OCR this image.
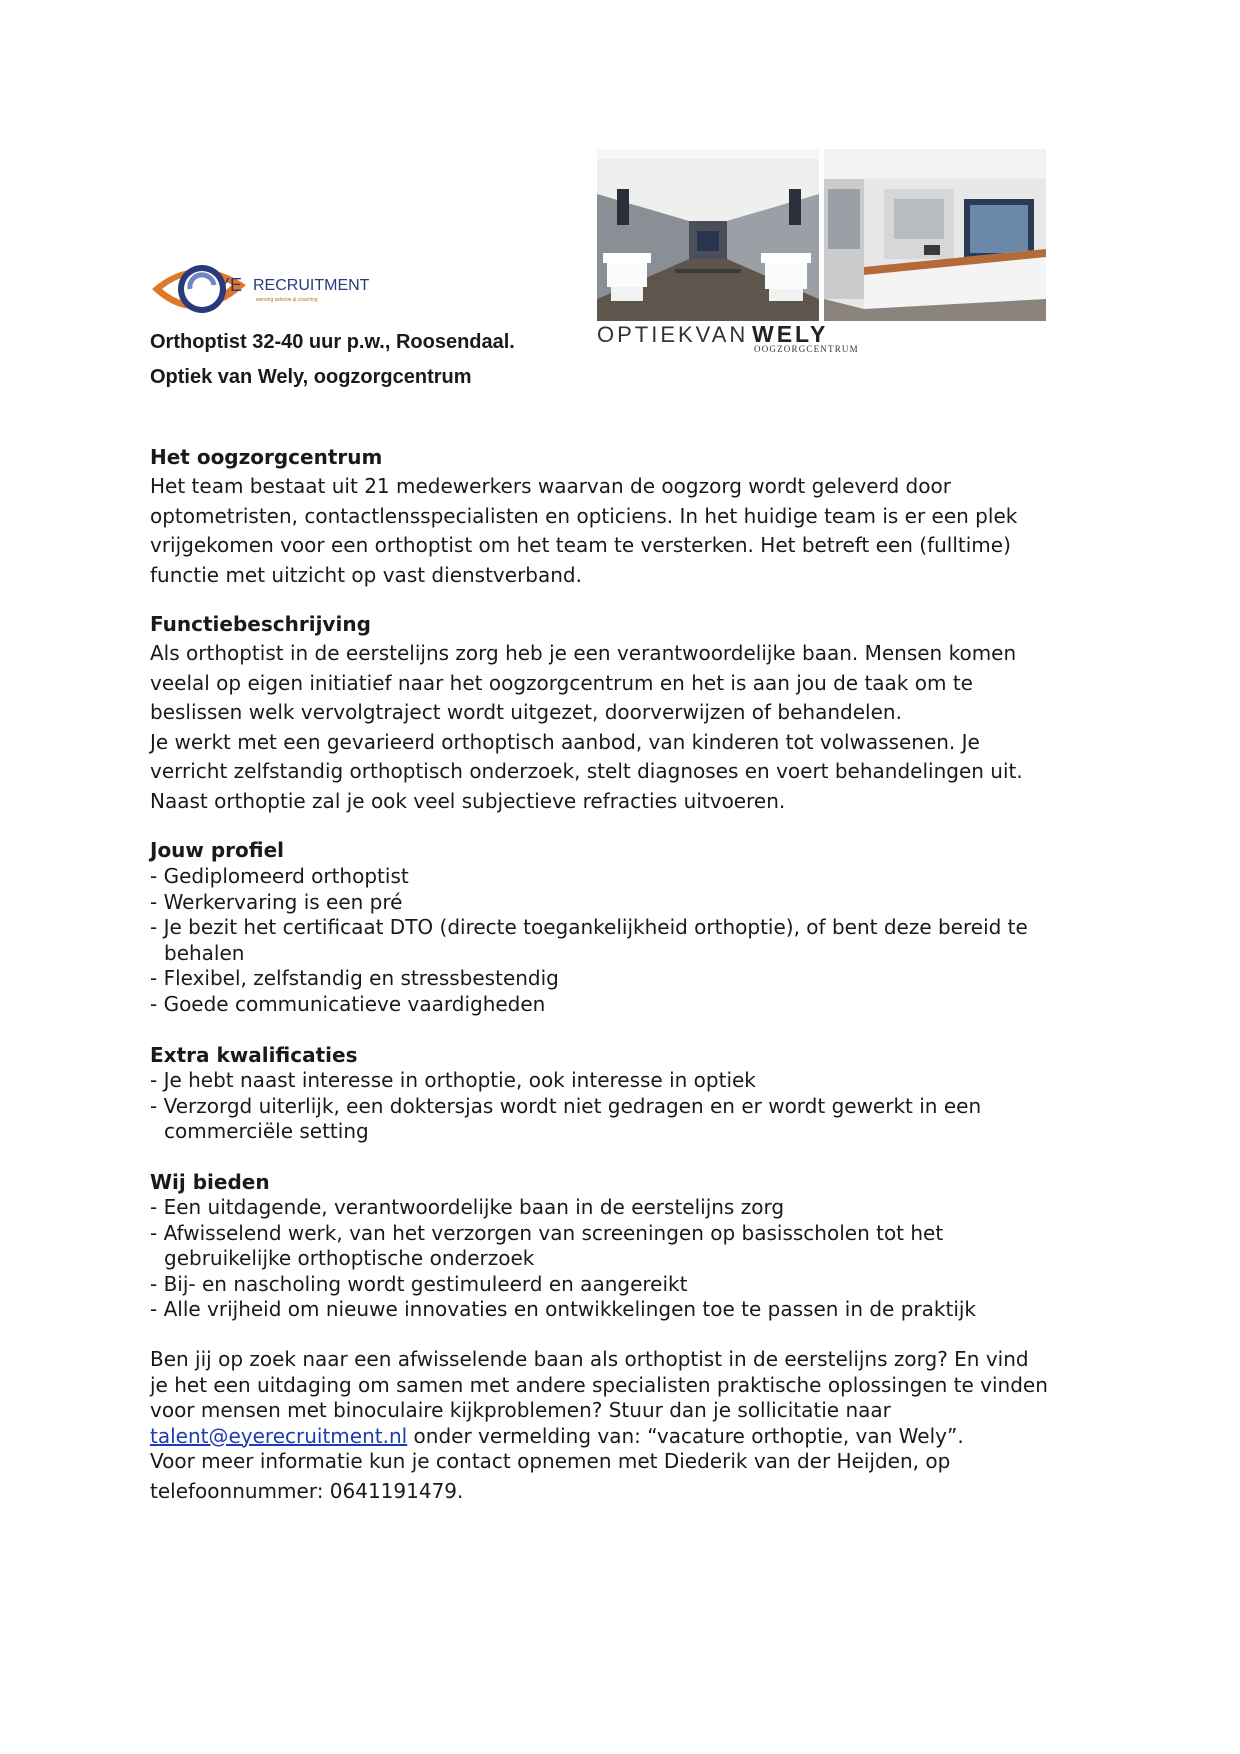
YE RECRUITMENT
werving selectie & coaching
OPTIEKVAN WELY
OOGZORGCENTRUM
Orthoptist 32-40 uur p.w., Roosendaal.
Optiek van Wely, oogzorgcentrum
Het oogzorgcentrum
Het team bestaat uit 21 medewerkers waarvan de oogzorg wordt geleverd door
optometristen, contactlensspecialisten en opticiens. In het huidige team is er een plek
vrijgekomen voor een orthoptist om het team te versterken. Het betreft een (fulltime)
functie met uitzicht op vast dienstverband.
Functiebeschrijving
Als orthoptist in de eerstelijns zorg heb je een verantwoordelijke baan. Mensen komen
veelal op eigen initiatief naar het oogzorgcentrum en het is aan jou de taak om te
beslissen welk vervolgtraject wordt uitgezet, doorverwijzen of behandelen.
Je werkt met een gevarieerd orthoptisch aanbod, van kinderen tot volwassenen. Je
verricht zelfstandig orthoptisch onderzoek, stelt diagnoses en voert behandelingen uit.
Naast orthoptie zal je ook veel subjectieve refracties uitvoeren.
Jouw profiel
- Gediplomeerd orthoptist
- Werkervaring is een pré
- Je bezit het certificaat DTO (directe toegankelijkheid orthoptie), of bent deze bereid te
behalen
- Flexibel, zelfstandig en stressbestendig
- Goede communicatieve vaardigheden
Extra kwalificaties
- Je hebt naast interesse in orthoptie, ook interesse in optiek
- Verzorgd uiterlijk, een doktersjas wordt niet gedragen en er wordt gewerkt in een
commerciële setting
Wij bieden
- Een uitdagende, verantwoordelijke baan in de eerstelijns zorg
- Afwisselend werk, van het verzorgen van screeningen op basisscholen tot het
gebruikelijke orthoptische onderzoek
- Bij- en nascholing wordt gestimuleerd en aangereikt
- Alle vrijheid om nieuwe innovaties en ontwikkelingen toe te passen in de praktijk
Ben jij op zoek naar een afwisselende baan als orthoptist in de eerstelijns zorg? En vind
je het een uitdaging om samen met andere specialisten praktische oplossingen te vinden
voor mensen met binoculaire kijkproblemen? Stuur dan je sollicitatie naar
talent@eyerecruitment.nl onder vermelding van: “vacature orthoptie, van Wely”.
Voor meer informatie kun je contact opnemen met Diederik van der Heijden, op
telefoonnummer: 0641191479.
